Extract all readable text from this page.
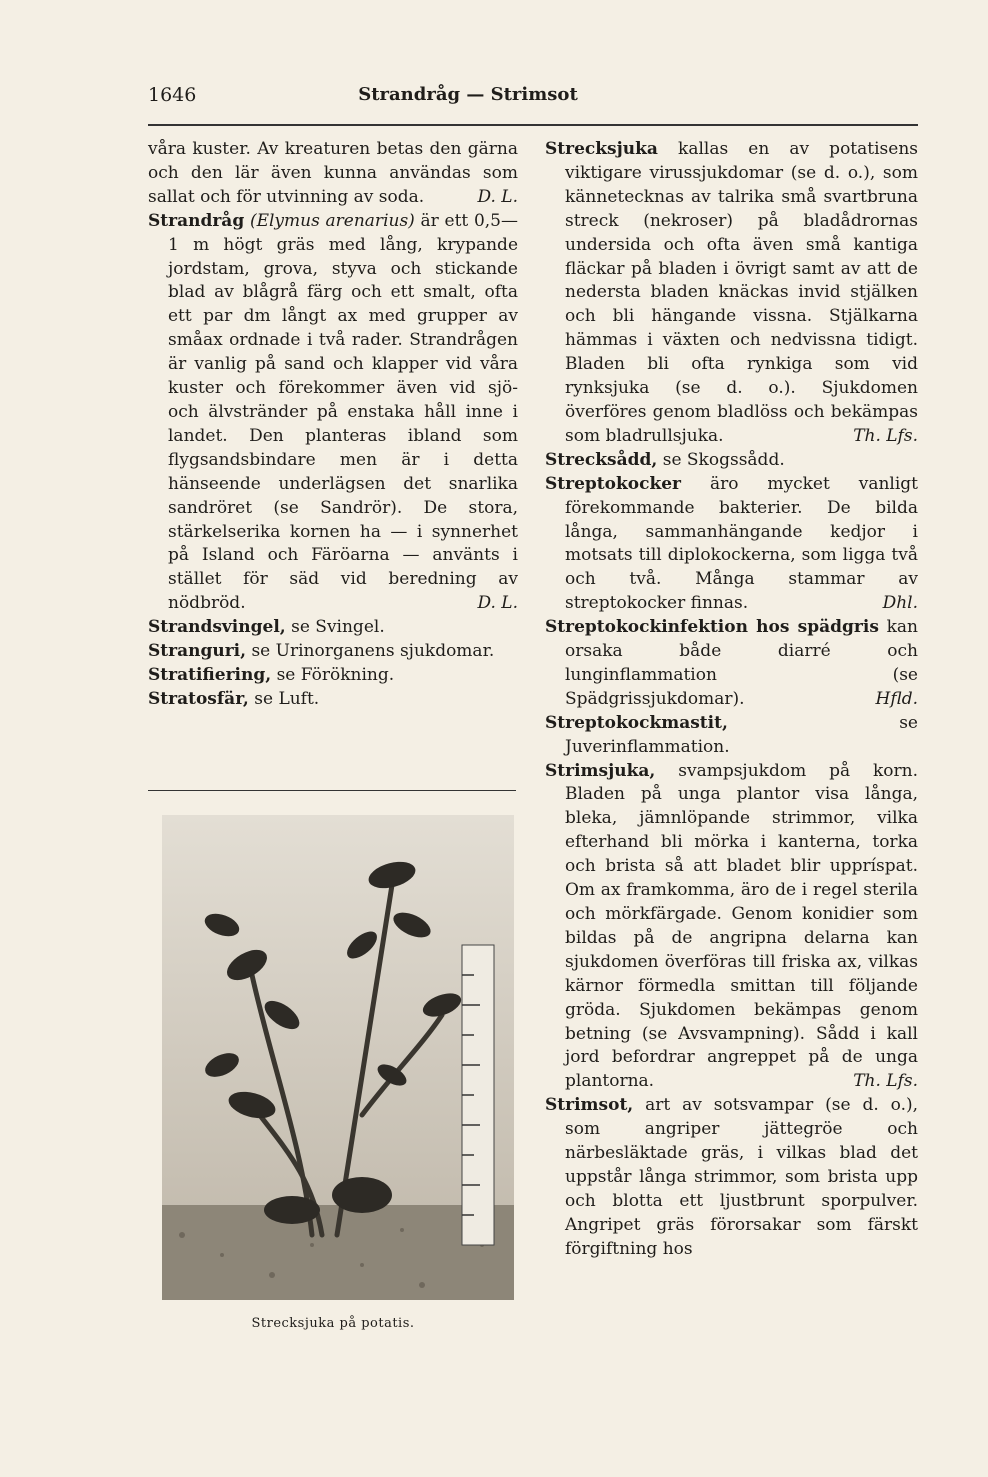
1646	Strandråg — Strimsot

våra kuster. Av kreaturen betas den gärna och den lär även kunna användas som sallat och för utvinning av soda.	D. L.

Strandråg (Elymus arenarius) är ett 0,5—1 m högt gräs med lång, krypande jordstam, grova, styva och stickande blad av blågrå färg och ett smalt, ofta ett par dm långt ax med grupper av småax ordnade i två rader. Strandrågen är vanlig på sand och klapper vid våra kuster och förekommer även vid sjö- och älvstränder på enstaka håll inne i landet. Den planteras ibland som flygsandsbindare men är i detta hänseende underlägsen det snarlika sandröret (se Sandrör). De stora, stärkelserika kornen ha — i synnerhet på Island och Färöarna — använts i stället för säd vid beredning av nödbröd.	D. L.

Strandsvingel, se Svingel.

Stranguri, se Urinorganens sjukdomar.

Stratifiering, se Förökning.

Stratosfär, se Luft.

Strecksjuka på potatis.

Strecksjuka kallas en av potatisens viktigare virussjukdomar (se d. o.), som kännetecknas av talrika små svartbruna streck (nekroser) på bladådrornas undersida och ofta även små kantiga fläckar på bladen i övrigt samt av att de nedersta bladen knäckas invid stjälken och bli hängande vissna. Stjälkarna hämmas i växten och nedvissna tidigt. Bladen bli ofta rynkiga som vid rynksjuka (se d. o.). Sjukdomen överföres genom bladlöss och bekämpas som bladrullsjuka.	Th. Lfs.

Strecksådd, se Skogssådd.

Streptokocker äro mycket vanligt förekommande bakterier. De bilda långa, sammanhängande kedjor i motsats till diplokockerna, som ligga två och två. Många stammar av streptokocker finnas.	Dhl.

Streptokockinfektion hos spädgris kan orsaka både diarré och lunginflammation (se Spädgrissjukdomar).	Hfld.

Streptokockmastit,	se Juverinflammation.

Strimsjuka, svampsjukdom på korn. Bladen på unga plantor visa långa, bleka, jämnlöpande strimmor, vilka efterhand bli mörka i kanterna, torka och brista så att bladet blir uppríspat. Om ax framkomma, äro de i regel sterila och mörkfärgade. Genom konidier som bildas på de angripna delarna kan sjukdomen överföras till friska ax, vilkas kärnor förmedla smittan till följande gröda. Sjukdomen bekämpas genom betning (se Avsvampning). Sådd i kall jord befordrar angreppet på de unga plantorna.	Th. Lfs.

Strimsot, art av sotsvampar (se d. o.), som angriper jättegröe och närbesläktade gräs, i vilkas blad det uppstår långa strimmor, som brista upp och blotta ett ljustbrunt sporpulver. Angripet gräs förorsakar som färskt förgiftning hos
